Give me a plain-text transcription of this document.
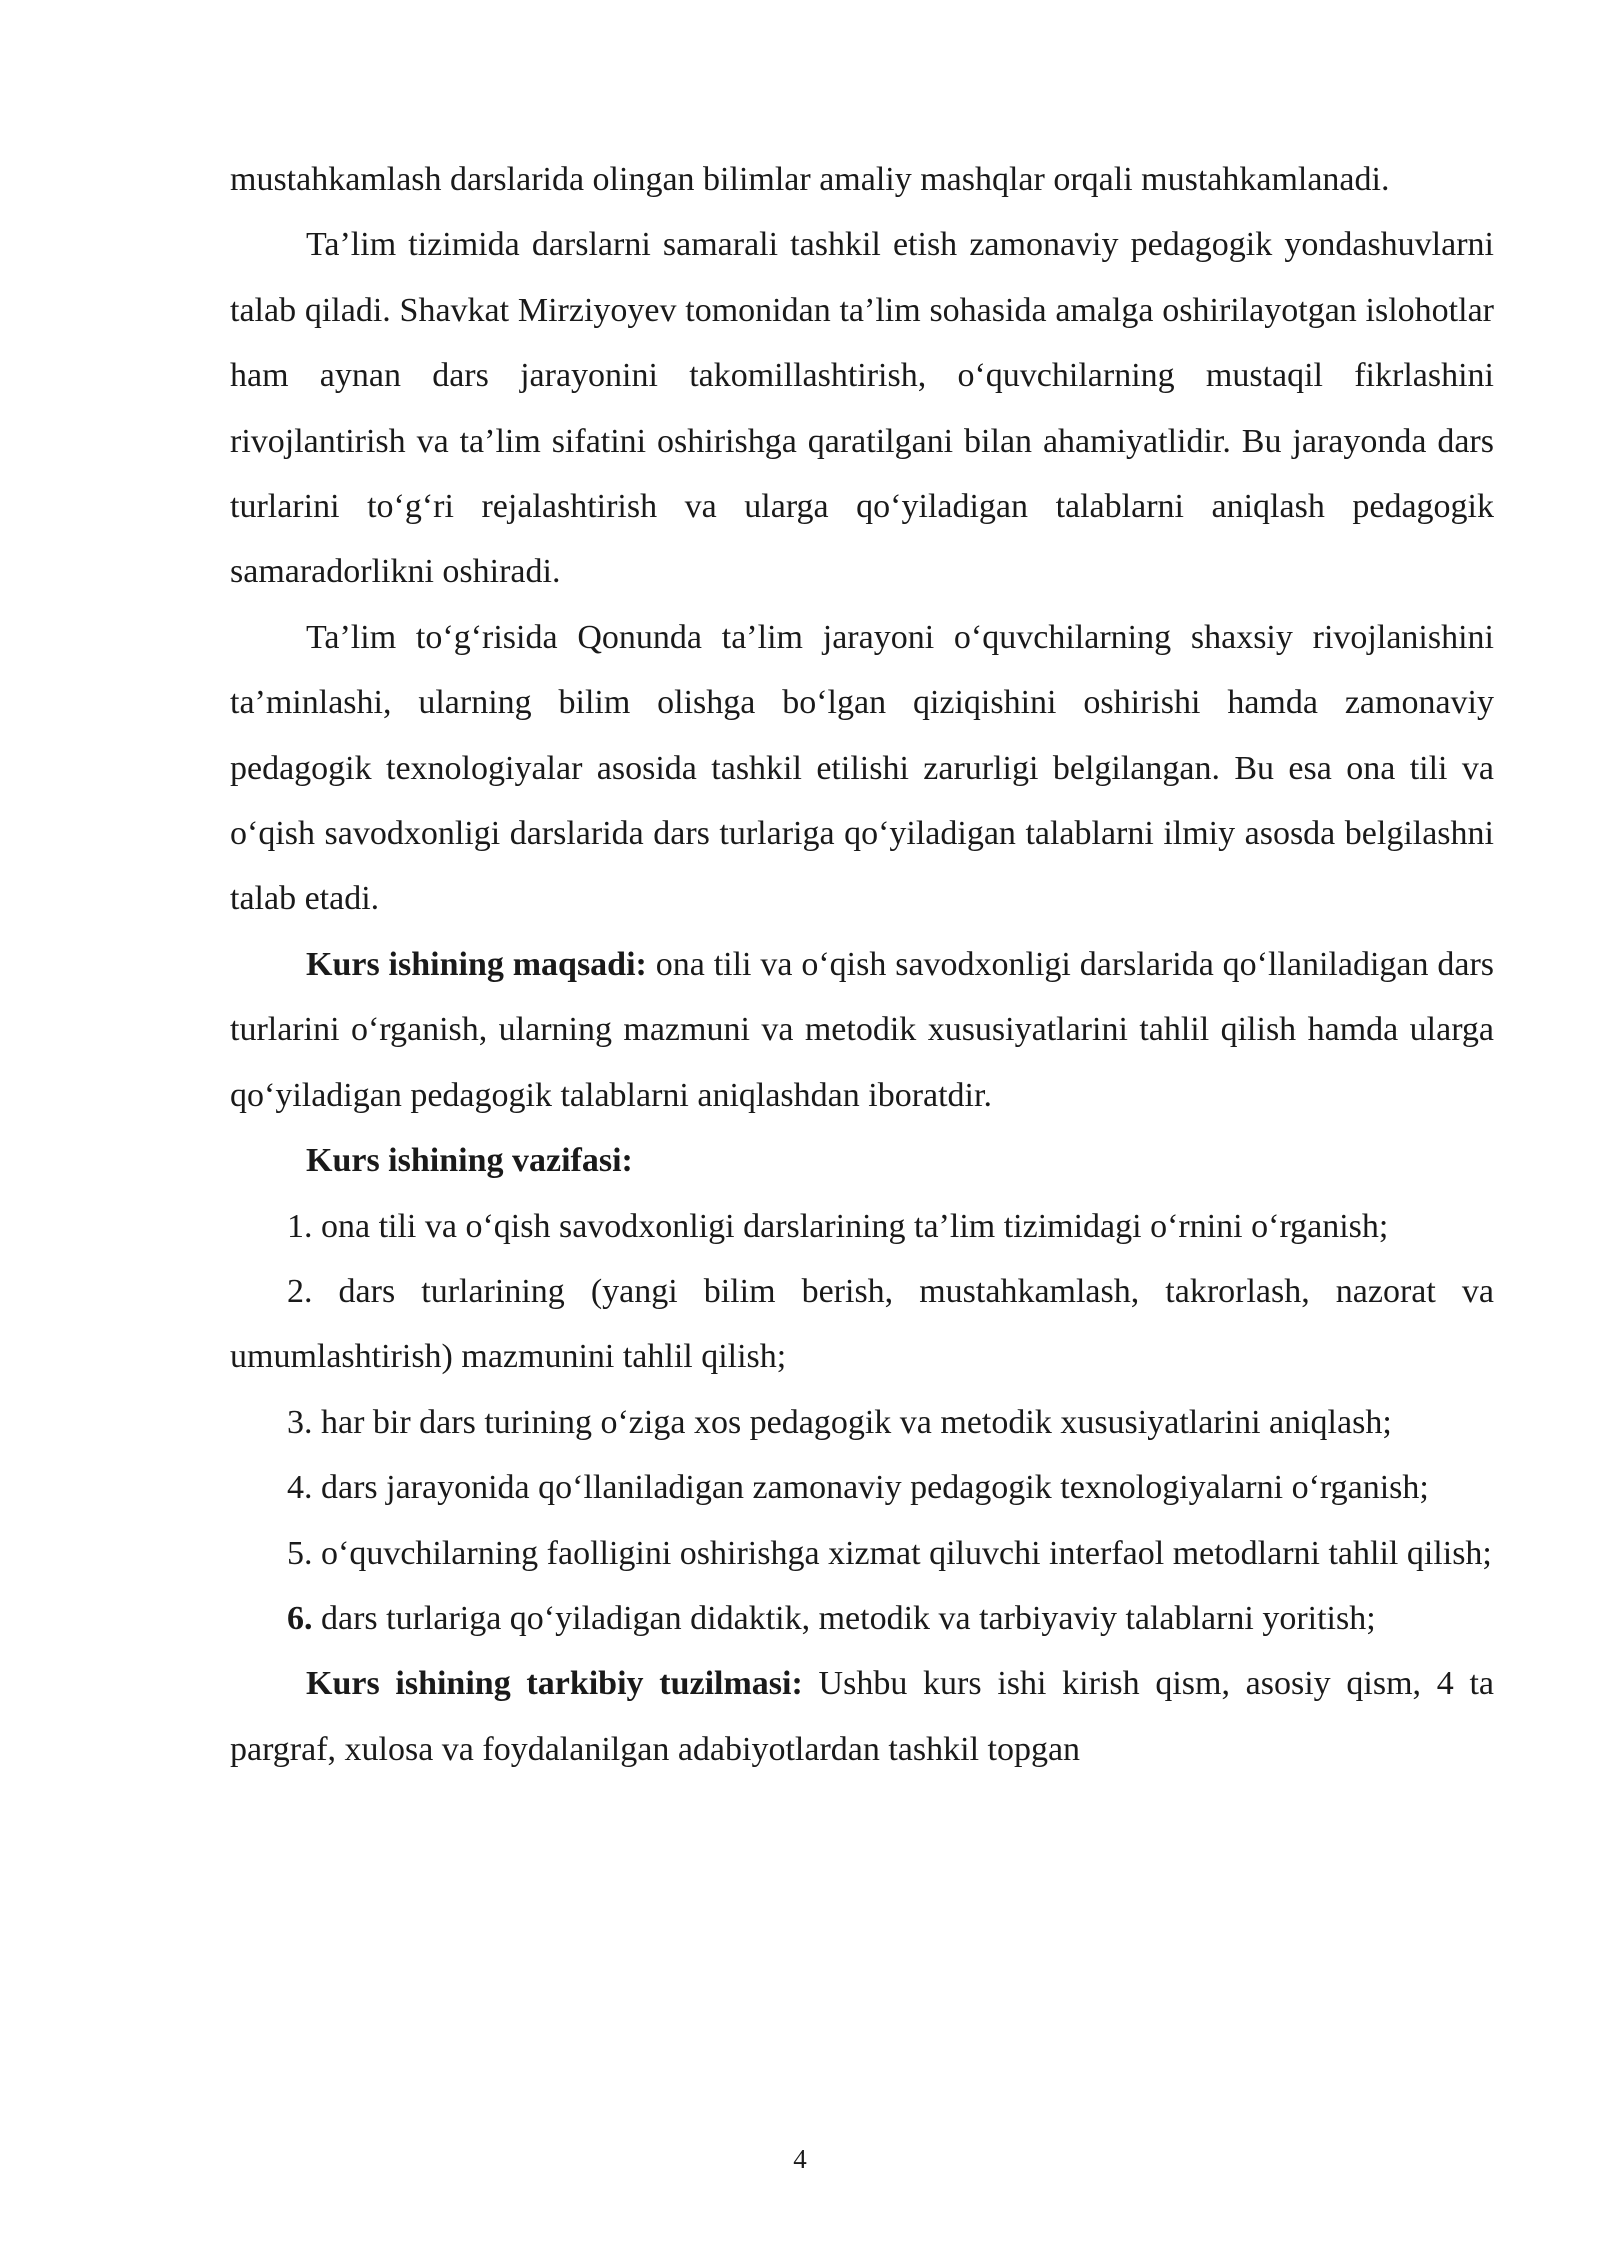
mustahkamlash darslarida olingan bilimlar amaliy mashqlar orqali mustahkamlanadi.

Ta’lim tizimida darslarni samarali tashkil etish zamonaviy pedagogik yondashuvlarni talab qiladi. Shavkat Mirziyoyev tomonidan ta’lim sohasida amalga oshirilayotgan islohotlar ham aynan dars jarayonini takomillashtirish, o‘quvchilarning mustaqil fikrlashini rivojlantirish va ta’lim sifatini oshirishga qaratilgani bilan ahamiyatlidir. Bu jarayonda dars turlarini to‘g‘ri rejalashtirish va ularga qo‘yiladigan talablarni aniqlash pedagogik samaradorlikni oshiradi.

Ta’lim to‘g‘risida Qonunda ta’lim jarayoni o‘quvchilarning shaxsiy rivojlanishini ta’minlashi, ularning bilim olishga bo‘lgan qiziqishini oshirishi hamda zamonaviy pedagogik texnologiyalar asosida tashkil etilishi zarurligi belgilangan. Bu esa ona tili va o‘qish savodxonligi darslarida dars turlariga qo‘yiladigan talablarni ilmiy asosda belgilashni talab etadi.

Kurs ishining maqsadi: ona tili va o‘qish savodxonligi darslarida qo‘llaniladigan dars turlarini o‘rganish, ularning mazmuni va metodik xususiyatlarini tahlil qilish hamda ularga qo‘yiladigan pedagogik talablarni aniqlashdan iboratdir.

Kurs ishining vazifasi:

1. ona tili va o‘qish savodxonligi darslarining ta’lim tizimidagi o‘rnini o‘rganish;

2. dars turlarining (yangi bilim berish, mustahkamlash, takrorlash, nazorat va umumlashtirish) mazmunini tahlil qilish;

3. har bir dars turining o‘ziga xos pedagogik va metodik xususiyatlarini aniqlash;

4. dars jarayonida qo‘llaniladigan zamonaviy pedagogik texnologiyalarni o‘rganish;

5. o‘quvchilarning faolligini oshirishga xizmat qiluvchi interfaol metodlarni tahlil qilish;

6. dars turlariga qo‘yiladigan didaktik, metodik va tarbiyaviy talablarni yoritish;

Kurs ishining tarkibiy tuzilmasi: Ushbu kurs ishi kirish qism, asosiy qism, 4 ta pargraf, xulosa va foydalanilgan adabiyotlardan tashkil topgan

4
